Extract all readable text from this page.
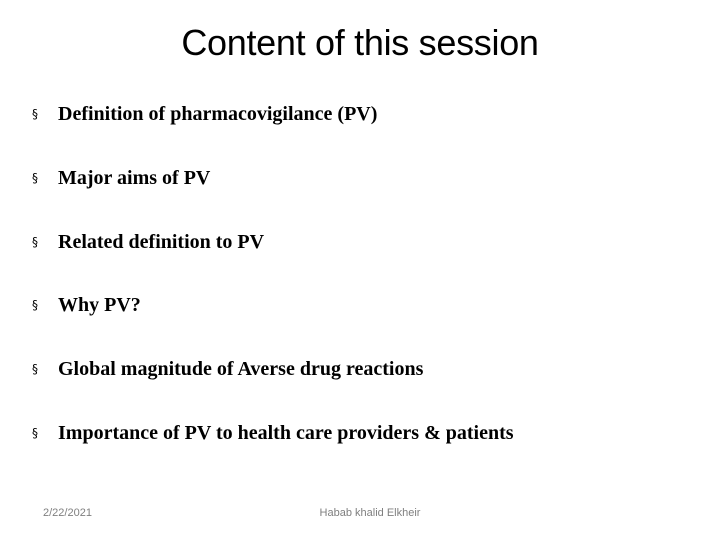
Content of this session
§	Definition of pharmacovigilance (PV)
§	Major aims of PV
§	Related definition to PV
§	Why PV?
§	Global magnitude of Averse drug reactions
§	Importance of PV to health care providers & patients
2/22/2021	Habab khalid Elkheir
